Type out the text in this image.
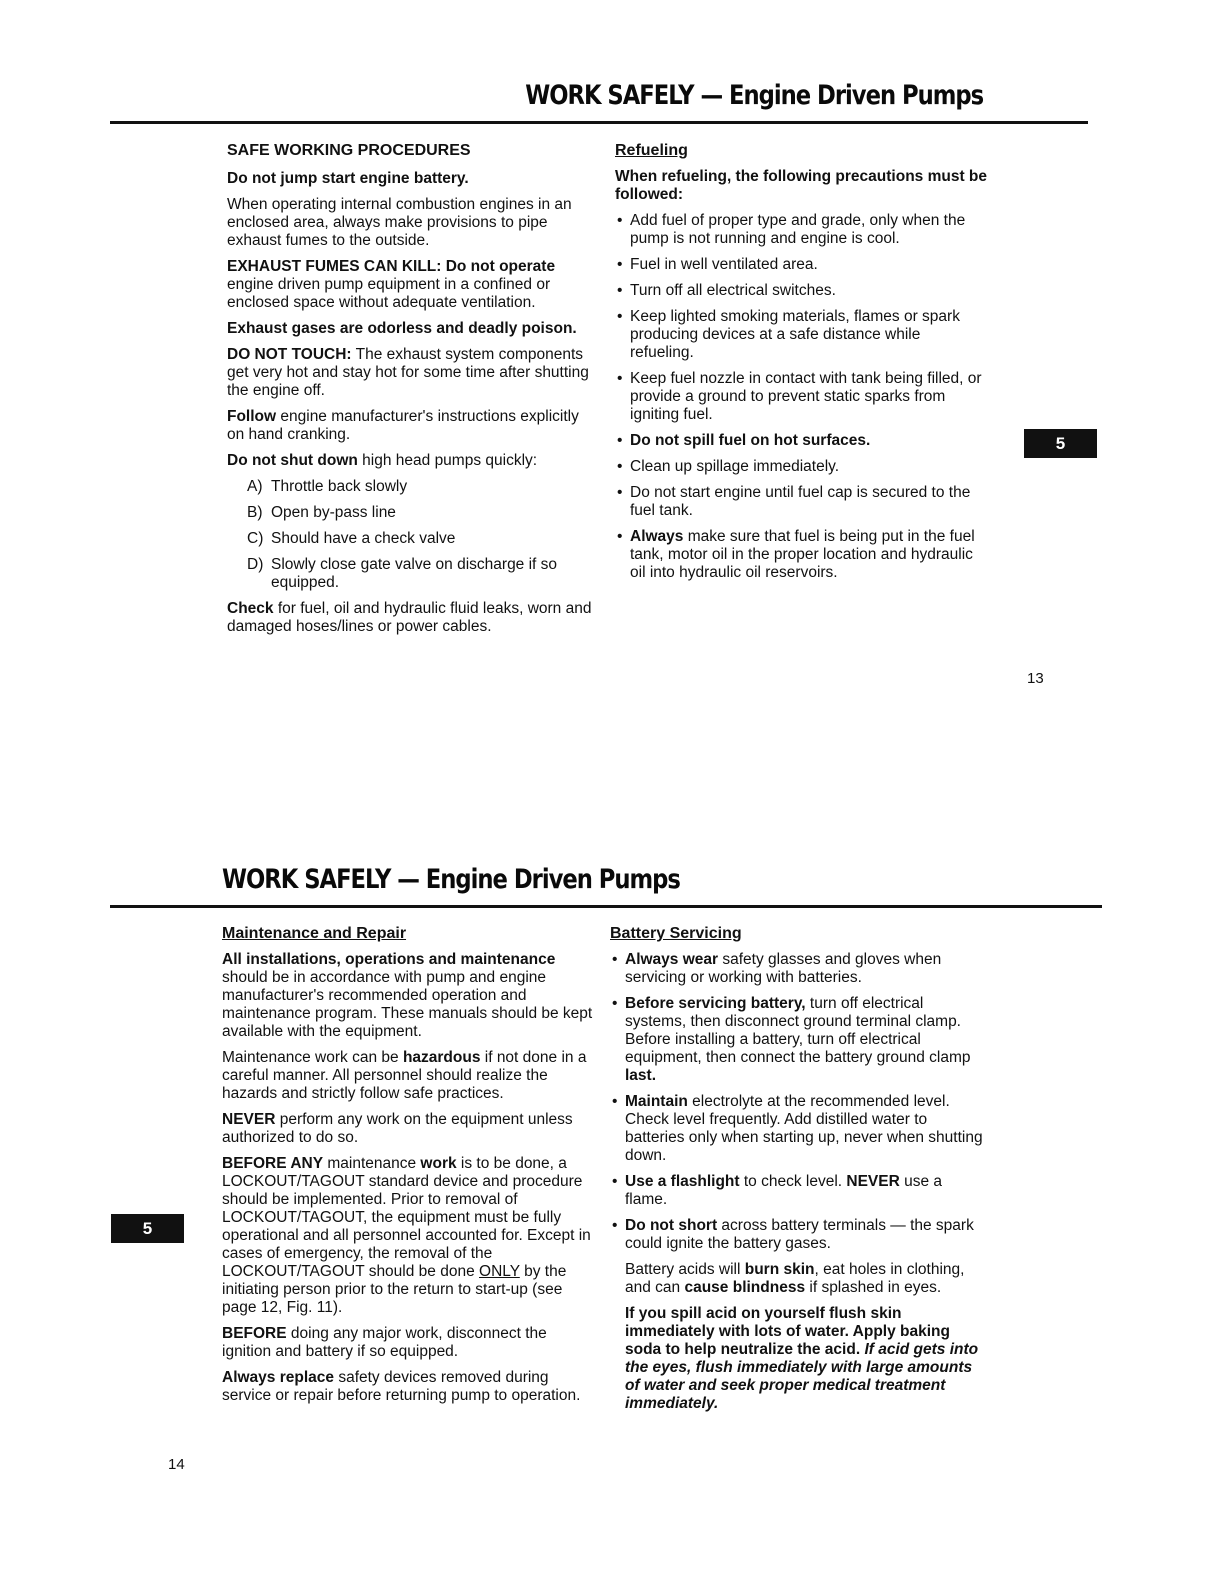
WORK SAFELY — Engine Driven Pumps

SAFE WORKING PROCEDURES

Do not jump start engine battery.

When operating internal combustion engines in an enclosed area, always make provisions to pipe exhaust fumes to the outside.

EXHAUST FUMES CAN KILL: Do not operate engine driven pump equipment in a confined or enclosed space without adequate ventilation.

Exhaust gases are odorless and deadly poison.

DO NOT TOUCH: The exhaust system components get very hot and stay hot for some time after shutting the engine off.

Follow engine manufacturer's instructions explicitly on hand cranking.

Do not shut down high head pumps quickly:

A) Throttle back slowly
B) Open by-pass line
C) Should have a check valve
D) Slowly close gate valve on discharge if so equipped.

Check for fuel, oil and hydraulic fluid leaks, worn and damaged hoses/lines or power cables.

Refueling

When refueling, the following precautions must be followed:

• Add fuel of proper type and grade, only when the pump is not running and engine is cool.
• Fuel in well ventilated area.
• Turn off all electrical switches.
• Keep lighted smoking materials, flames or spark producing devices at a safe distance while refueling.
• Keep fuel nozzle in contact with tank being filled, or provide a ground to prevent static sparks from igniting fuel.
• Do not spill fuel on hot surfaces.
• Clean up spillage immediately.
• Do not start engine until fuel cap is secured to the fuel tank.
• Always make sure that fuel is being put in the fuel tank, motor oil in the proper location and hydraulic oil into hydraulic oil reservoirs.
5
13
WORK SAFELY — Engine Driven Pumps

Maintenance and Repair

All installations, operations and maintenance should be in accordance with pump and engine manufacturer's recommended operation and maintenance program. These manuals should be kept available with the equipment.

Maintenance work can be hazardous if not done in a careful manner. All personnel should realize the hazards and strictly follow safe practices.

NEVER perform any work on the equipment unless authorized to do so.

BEFORE ANY maintenance work is to be done, a LOCKOUT/TAGOUT standard device and procedure should be implemented. Prior to removal of LOCKOUT/TAGOUT, the equipment must be fully operational and all personnel accounted for. Except in cases of emergency, the removal of the LOCKOUT/TAGOUT should be done ONLY by the initiating person prior to the return to start-up (see page 12, Fig. 11).

BEFORE doing any major work, disconnect the ignition and battery if so equipped.

Always replace safety devices removed during service or repair before returning pump to operation.

Battery Servicing

• Always wear safety glasses and gloves when servicing or working with batteries.
• Before servicing battery, turn off electrical systems, then disconnect ground terminal clamp. Before installing a battery, turn off electrical equipment, then connect the battery ground clamp last.
• Maintain electrolyte at the recommended level. Check level frequently. Add distilled water to batteries only when starting up, never when shutting down.
• Use a flashlight to check level. NEVER use a flame.
• Do not short across battery terminals — the spark could ignite the battery gases.

Battery acids will burn skin, eat holes in clothing, and can cause blindness if splashed in eyes.

If you spill acid on yourself flush skin immediately with lots of water. Apply baking soda to help neutralize the acid. If acid gets into the eyes, flush immediately with large amounts of water and seek proper medical treatment immediately.

5
14
